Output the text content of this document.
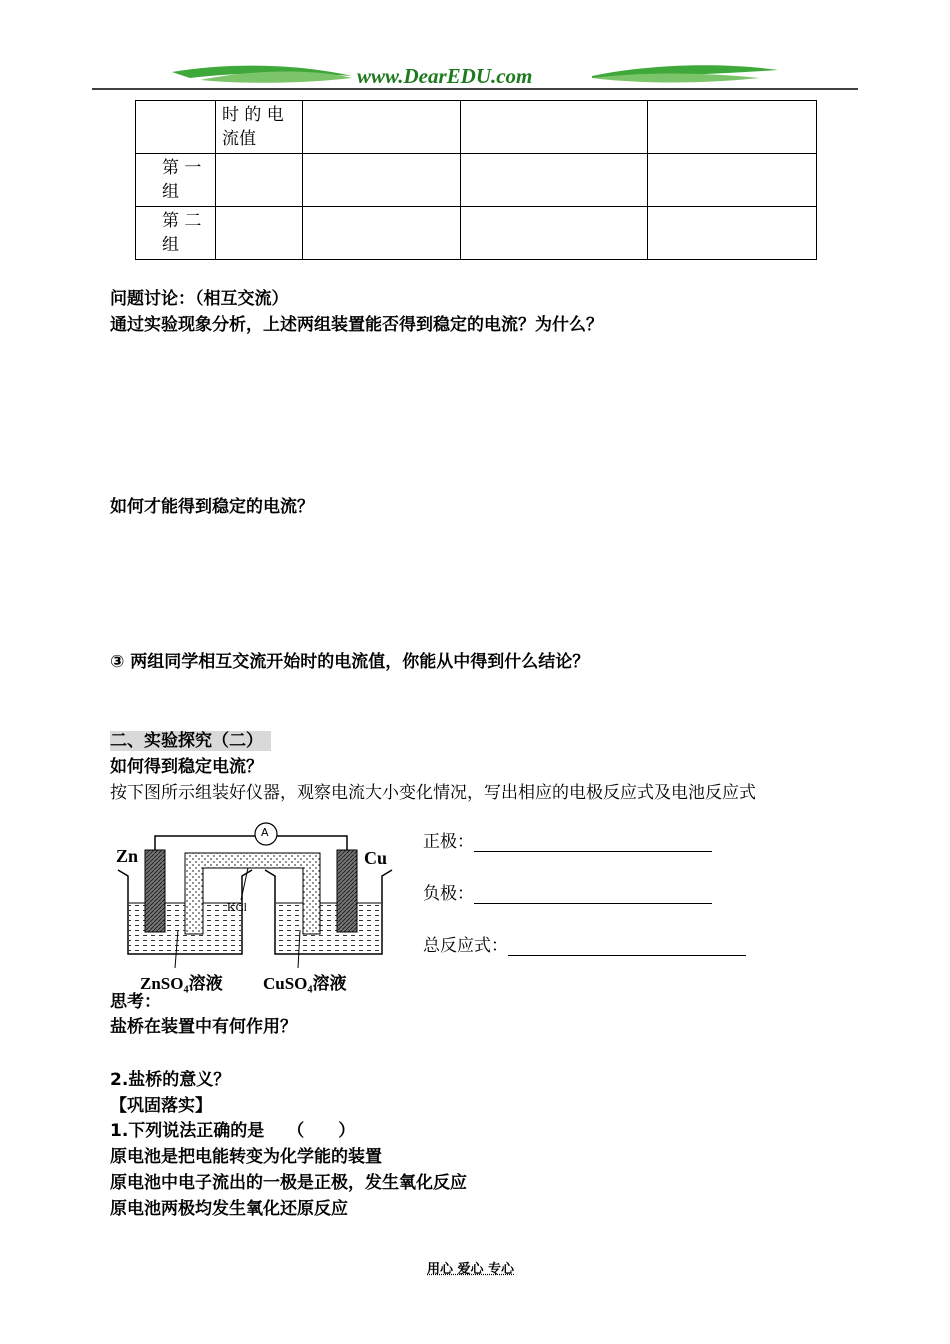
www.DearEDU.com
	时 的 电 流值			
第 一 组				
第 二 组				
问题讨论：（相互交流）
通过实验现象分析，上述两组装置能否得到稳定的电流？为什么？
如何才能得到稳定的电流？
③ 两组同学相互交流开始时的电流值，你能从中得到什么结论？
二、实验探究（二）
如何得到稳定电流？
按下图所示组装好仪器，观察电流大小变化情况，写出相应的电极反应式及电池反应式
A
Zn	Cu
KCl
ZnSO₄溶液 CuSO₄溶液
正极：
负极：
总反应式：
思考：
盐桥在装置中有何作用？
2.盐桥的意义？
【巩固落实】
1.下列说法正确的是　 （　　）
原电池是把电能转变为化学能的装置
原电池中电子流出的一极是正极，发生氧化反应
原电池两极均发生氧化还原反应
用心 爱心 专心
